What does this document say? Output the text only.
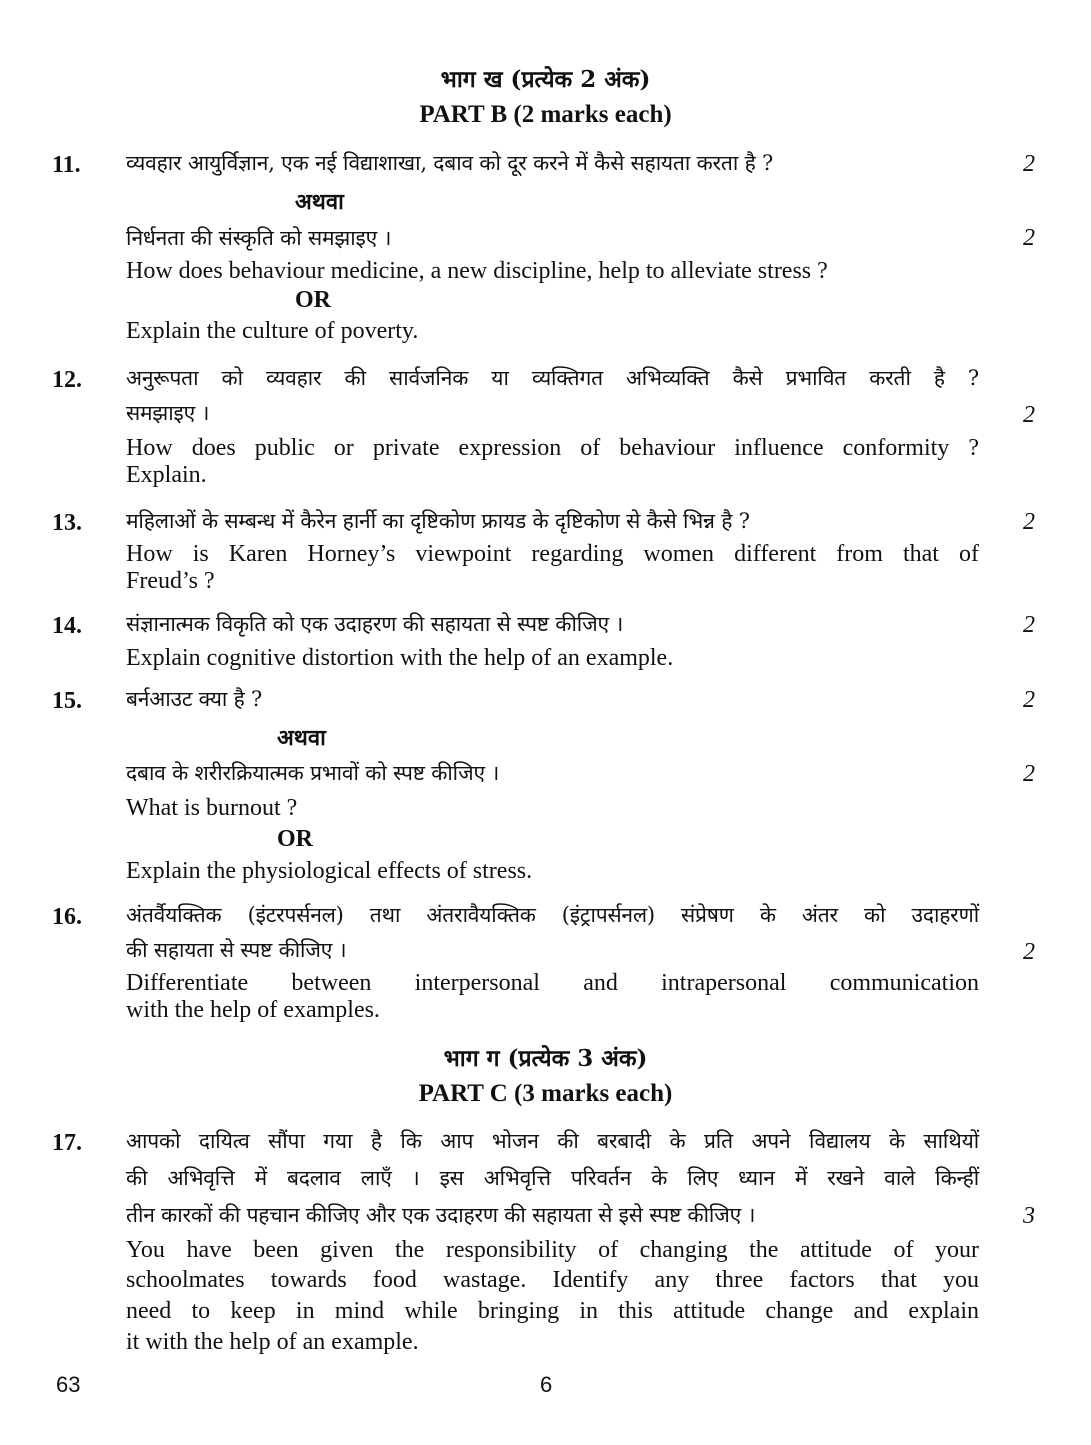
भाग ख (प्रत्येक 2 अंक)
PART B (2 marks each)
11. व्यवहार आयुर्विज्ञान, एक नई विद्याशाखा, दबाव को दूर करने में कैसे सहायता करता है ?	2
अथवा
निर्धनता की संस्कृति को समझाइए ।	2
How does behaviour medicine, a new discipline, help to alleviate stress ?
OR
Explain the culture of poverty.
12. अनुरूपता को व्यवहार की सार्वजनिक या व्यक्तिगत अभिव्यक्ति कैसे प्रभावित करती है ?
समझाइए ।	2
How does public or private expression of behaviour influence conformity ?
Explain.
13. महिलाओं के सम्बन्ध में कैरेन हार्नी का दृष्टिकोण फ्रायड के दृष्टिकोण से कैसे भिन्न है ?	2
How is Karen Horney’s viewpoint regarding women different from that of
Freud’s ?
14. संज्ञानात्मक विकृति को एक उदाहरण की सहायता से स्पष्ट कीजिए ।	2
Explain cognitive distortion with the help of an example.
15. बर्नआउट क्या है ?	2
अथवा
दबाव के शरीरक्रियात्मक प्रभावों को स्पष्ट कीजिए ।	2
What is burnout ?
OR
Explain the physiological effects of stress.
16. अंतर्वैयक्तिक (इंटरपर्सनल) तथा अंतरावैयक्तिक (इंट्रापर्सनल) संप्रेषण के अंतर को उदाहरणों
की सहायता से स्पष्ट कीजिए ।	2
Differentiate between interpersonal and intrapersonal communication
with the help of examples.
भाग ग (प्रत्येक 3 अंक)
PART C (3 marks each)
17. आपको दायित्व सौंपा गया है कि आप भोजन की बरबादी के प्रति अपने विद्यालय के साथियों
की अभिवृत्ति में बदलाव लाएँ । इस अभिवृत्ति परिवर्तन के लिए ध्यान में रखने वाले किन्हीं
तीन कारकों की पहचान कीजिए और एक उदाहरण की सहायता से इसे स्पष्ट कीजिए ।	3
You have been given the responsibility of changing the attitude of your
schoolmates towards food wastage. Identify any three factors that you
need to keep in mind while bringing in this attitude change and explain
it with the help of an example.
63	6
